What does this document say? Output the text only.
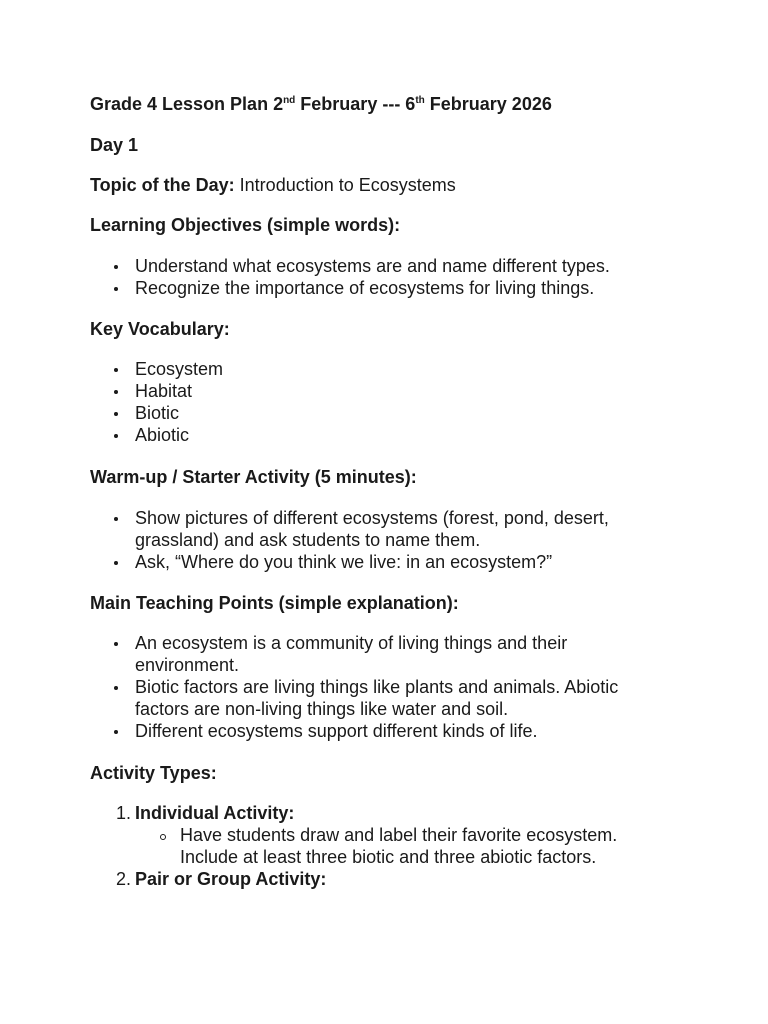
Grade 4 Lesson Plan 2nd February --- 6th February 2026
Day 1
Topic of the Day: Introduction to Ecosystems
Learning Objectives (simple words):
Understand what ecosystems are and name different types.
Recognize the importance of ecosystems for living things.
Key Vocabulary:
Ecosystem
Habitat
Biotic
Abiotic
Warm-up / Starter Activity (5 minutes):
Show pictures of different ecosystems (forest, pond, desert, grassland) and ask students to name them.
Ask, “Where do you think we live: in an ecosystem?”
Main Teaching Points (simple explanation):
An ecosystem is a community of living things and their environment.
Biotic factors are living things like plants and animals. Abiotic factors are non-living things like water and soil.
Different ecosystems support different kinds of life.
Activity Types:
1. Individual Activity:
Have students draw and label their favorite ecosystem. Include at least three biotic and three abiotic factors.
2. Pair or Group Activity:
